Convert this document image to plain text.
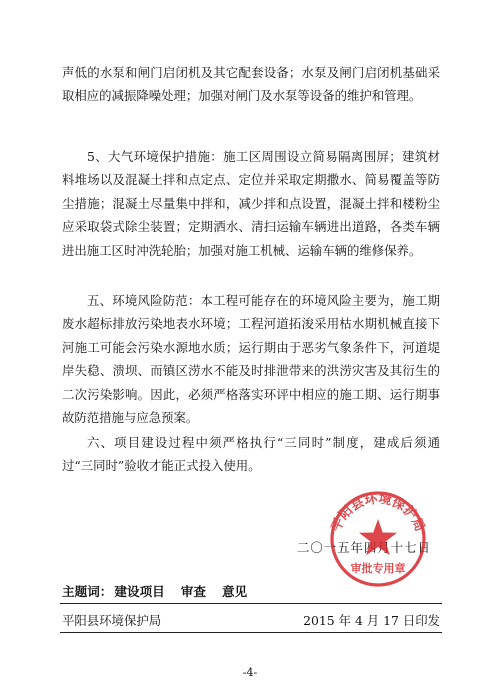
声低的水泵和闸门启闭机及其它配套设备；水泵及闸门启闭机基础采取相应的减振降噪处理；加强对闸门及水泵等设备的维护和管理。

5、大气环境保护措施：施工区周围设立简易隔离围屏；建筑材料堆场以及混凝土拌和点定点、定位并采取定期撒水、简易覆盖等防尘措施；混凝土尽量集中拌和，减少拌和点设置，混凝土拌和楼粉尘应采取袋式除尘装置；定期洒水、清扫运输车辆进出道路，各类车辆进出施工区时冲洗轮胎；加强对施工机械、运输车辆的维修保养。

五、环境风险防范：本工程可能存在的环境风险主要为，施工期废水超标排放污染地表水环境；工程河道拓浚采用枯水期机械直接下河施工可能会污染水源地水质；运行期由于恶劣气象条件下，河道堤岸失稳、溃坝、而镇区涝水不能及时排泄带来的洪涝灾害及其衍生的二次污染影响。因此，必须严格落实环评中相应的施工期、运行期事故防范措施与应急预案。

六、项目建设过程中须严格执行“三同时”制度，建成后须通过“三同时”验收才能正式投入使用。

二〇一五年四月十七日
平阳县环境保护局
审批专用章
主题词： 建设项目 审查 意见
平阳县环境保护局	2015 年 4 月 17 日印发
-4-
